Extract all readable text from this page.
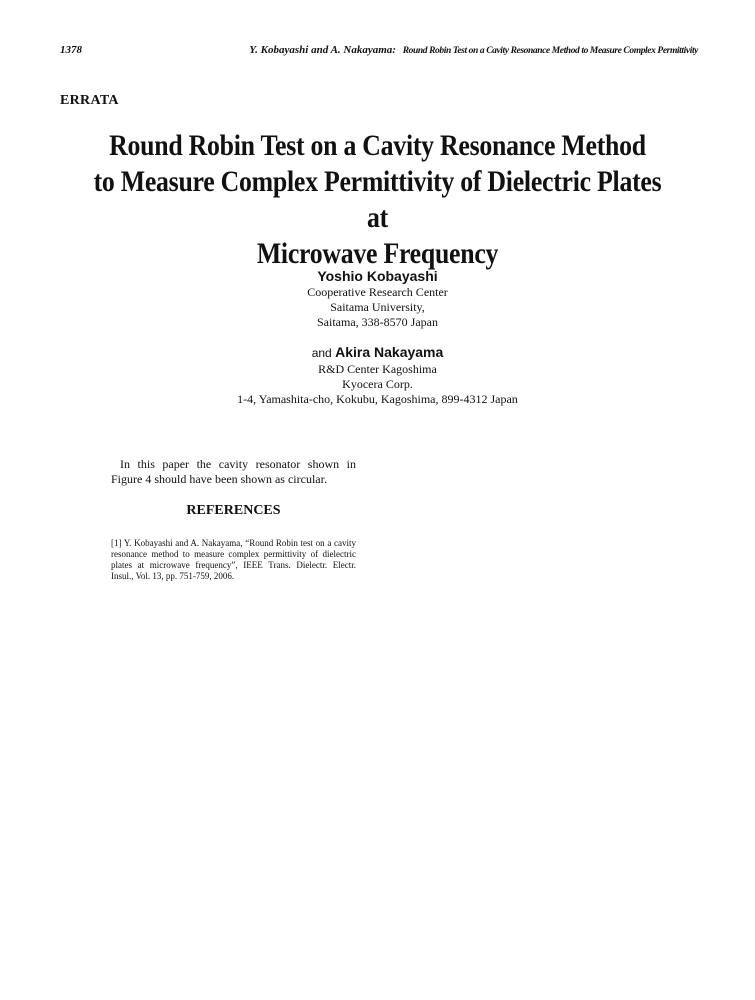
1378	Y. Kobayashi and A. Nakayama: Round Robin Test on a Cavity Resonance Method to Measure Complex Permittivity
ERRATA
Round Robin Test on a Cavity Resonance Method
to Measure Complex Permittivity of Dielectric Plates at
Microwave Frequency
Yoshio Kobayashi
Cooperative Research Center
Saitama University,
Saitama, 338-8570 Japan
and Akira Nakayama
R&D Center Kagoshima
Kyocera Corp.
1-4, Yamashita-cho, Kokubu, Kagoshima, 899-4312 Japan

In this paper the cavity resonator shown in Figure 4 should have been shown as circular.

REFERENCES

[1] Y. Kobayashi and A. Nakayama, “Round Robin test on a cavity resonance method to measure complex permittivity of dielectric plates at microwave frequency”, IEEE Trans. Dielectr. Electr. Insul., Vol. 13, pp. 751-759, 2006.
